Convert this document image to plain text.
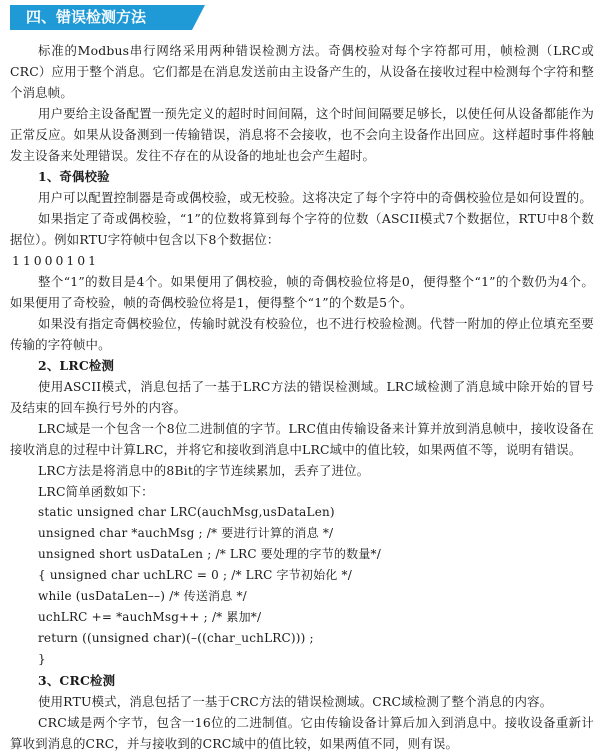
四、错误检测方法

标准的Modbus串行网络采用两种错误检测方法。奇偶校验对每个字符都可用，帧检测（LRC或CRC）应用于整个消息。它们都是在消息发送前由主设备产生的，从设备在接收过程中检测每个字符和整个消息帧。

用户要给主设备配置一预先定义的超时时间间隔，这个时间间隔要足够长，以使任何从设备都能作为正常反应。如果从设备测到一传输错误，消息将不会接收，也不会向主设备作出回应。这样超时事件将触发主设备来处理错误。发往不存在的从设备的地址也会产生超时。

1、奇偶校验

用户可以配置控制器是奇或偶校验，或无校验。这将决定了每个字符中的奇偶校验位是如何设置的。

如果指定了奇或偶校验，“1”的位数将算到每个字符的位数（ASCII模式7个数据位，RTU中8个数据位）。例如RTU字符帧中包含以下8个数据位：

11000101

整个“1”的数目是4个。如果便用了偶校验，帧的奇偶校验位将是0，便得整个“1”的个数仍为4个。如果便用了奇校验，帧的奇偶校验位将是1，便得整个“1”的个数是5个。

如果没有指定奇偶校验位，传输时就没有校验位，也不进行校验检测。代替一附加的停止位填充至要传输的字符帧中。

2、LRC检测

使用ASCII模式，消息包括了一基于LRC方法的错误检测域。LRC域检测了消息域中除开始的冒号及结束的回车换行号外的内容。

LRC域是一个包含一个8位二进制值的字节。LRC值由传输设备来计算并放到消息帧中，接收设备在接收消息的过程中计算LRC，并将它和接收到消息中LRC域中的值比较，如果两值不等，说明有错误。

LRC方法是将消息中的8Bit的字节连续累加，丢弃了进位。

LRC简单函数如下：

static unsigned char LRC(auchMsg,usDataLen)

unsigned char *auchMsg ; /* 要进行计算的消息 */

unsigned short usDataLen ; /* LRC 要处理的字节的数量*/

{ unsigned char uchLRC = 0 ; /* LRC 字节初始化 */

while (usDataLen––) /* 传送消息 */

uchLRC += *auchMsg++ ; /* 累加*/

return ((unsigned char)(–((char_uchLRC))) ;

}

3、CRC检测

使用RTU模式，消息包括了一基于CRC方法的错误检测域。CRC域检测了整个消息的内容。

CRC域是两个字节，包含一16位的二进制值。它由传输设备计算后加入到消息中。接收设备重新计算收到消息的CRC，并与接收到的CRC域中的值比较，如果两值不同，则有误。
